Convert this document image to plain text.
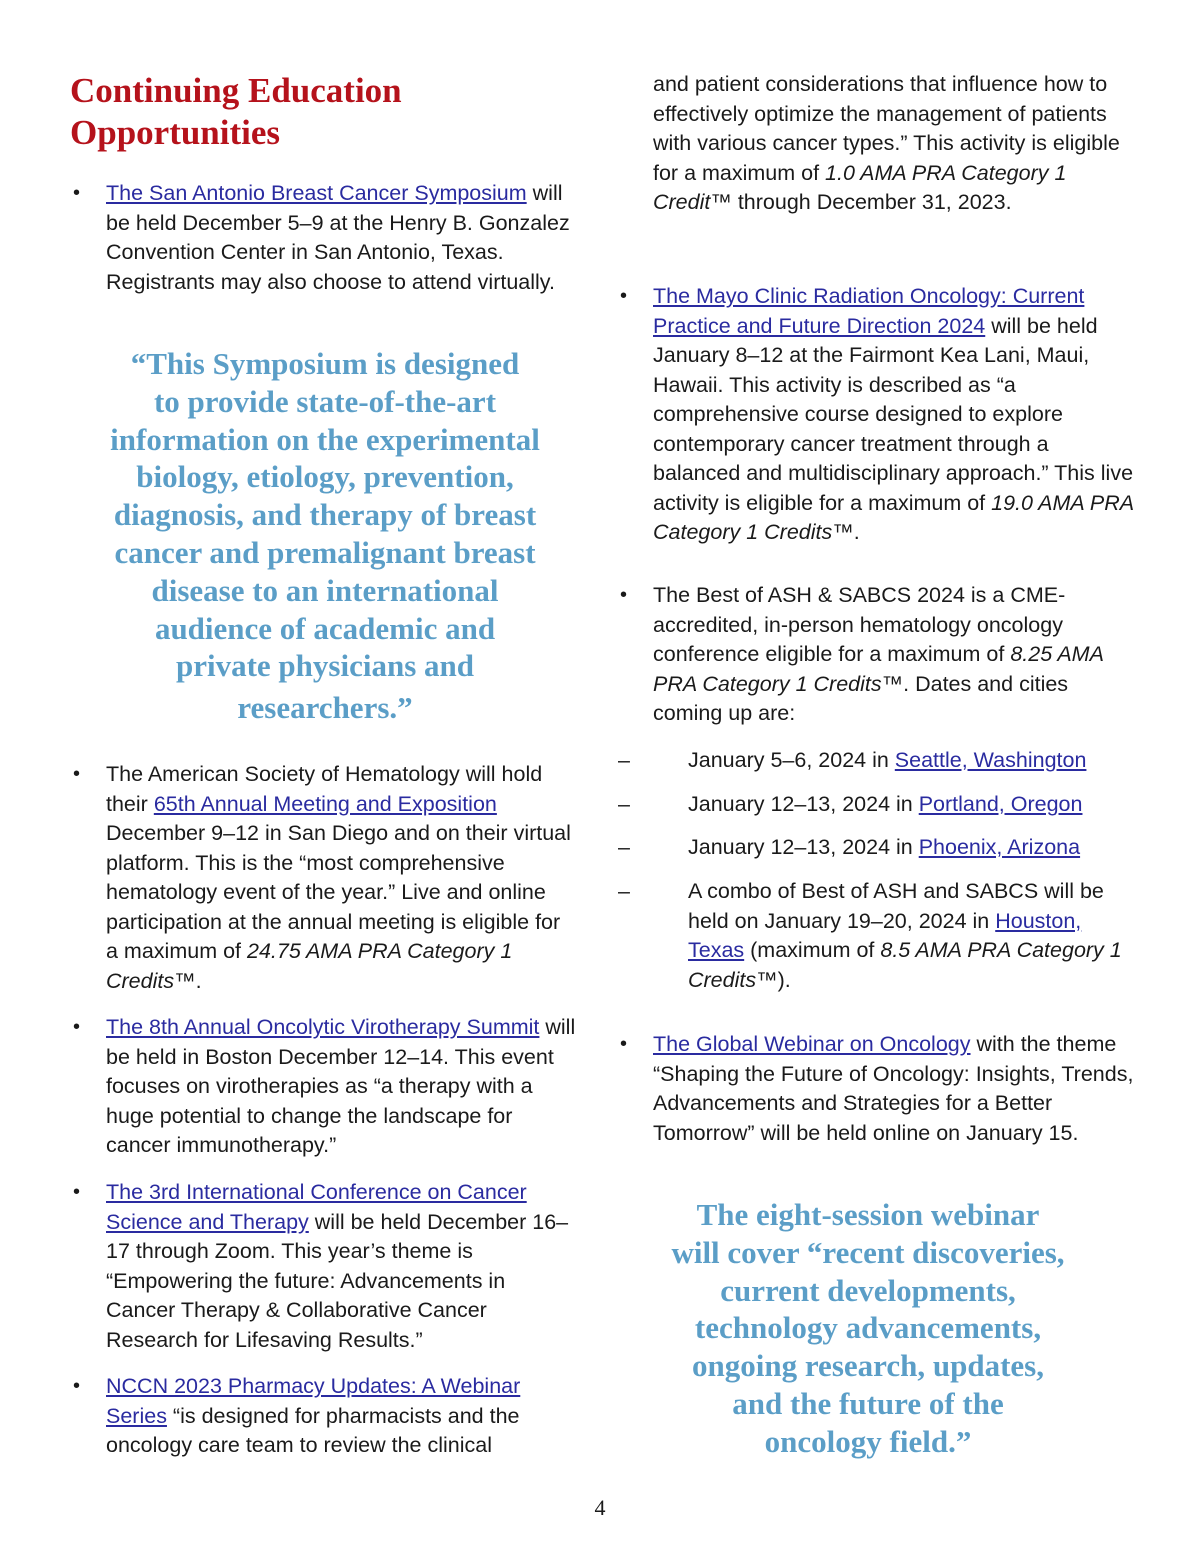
Continuing Education
Opportunities
• The San Antonio Breast Cancer Symposium will be held December 5–9 at the Henry B. Gonzalez Convention Center in San Antonio, Texas. Registrants may also choose to attend virtually.
“This Symposium is designed
to provide state-of-the-art
information on the experimental
biology, etiology, prevention,
diagnosis, and therapy of breast
cancer and premalignant breast
disease to an international
audience of academic and
private physicians and
researchers.”
• The American Society of Hematology will hold their 65th Annual Meeting and Exposition December 9–12 in San Diego and on their virtual platform. This is the “most comprehensive hematology event of the year.” Live and online participation at the annual meeting is eligible for a maximum of 24.75 AMA PRA Category 1 Credits™.
• The 8th Annual Oncolytic Virotherapy Summit will be held in Boston December 12–14. This event focuses on virotherapies as “a therapy with a huge potential to change the landscape for cancer immunotherapy.”
• The 3rd International Conference on Cancer Science and Therapy will be held December 16–17 through Zoom. This year’s theme is “Empowering the future: Advancements in Cancer Therapy & Collaborative Cancer Research for Lifesaving Results.”
• NCCN 2023 Pharmacy Updates: A Webinar Series “is designed for pharmacists and the oncology care team to review the clinical
and patient considerations that influence how to effectively optimize the management of patients with various cancer types.” This activity is eligible for a maximum of 1.0 AMA PRA Category 1 Credit™ through December 31, 2023.
• The Mayo Clinic Radiation Oncology: Current Practice and Future Direction 2024 will be held January 8–12 at the Fairmont Kea Lani, Maui, Hawaii. This activity is described as “a comprehensive course designed to explore contemporary cancer treatment through a balanced and multidisciplinary approach.” This live activity is eligible for a maximum of 19.0 AMA PRA Category 1 Credits™.
• The Best of ASH & SABCS 2024 is a CME-accredited, in-person hematology oncology conference eligible for a maximum of 8.25 AMA PRA Category 1 Credits™. Dates and cities coming up are:
–	January 5–6, 2024 in Seattle, Washington
–	January 12–13, 2024 in Portland, Oregon
–	January 12–13, 2024 in Phoenix, Arizona
–	A combo of Best of ASH and SABCS will be held on January 19–20, 2024 in Houston, Texas (maximum of 8.5 AMA PRA Category 1 Credits™).
• The Global Webinar on Oncology with the theme “Shaping the Future of Oncology: Insights, Trends, Advancements and Strategies for a Better Tomorrow” will be held online on January 15.
The eight-session webinar
will cover “recent discoveries,
current developments,
technology advancements,
ongoing research, updates,
and the future of the
oncology field.”
4
